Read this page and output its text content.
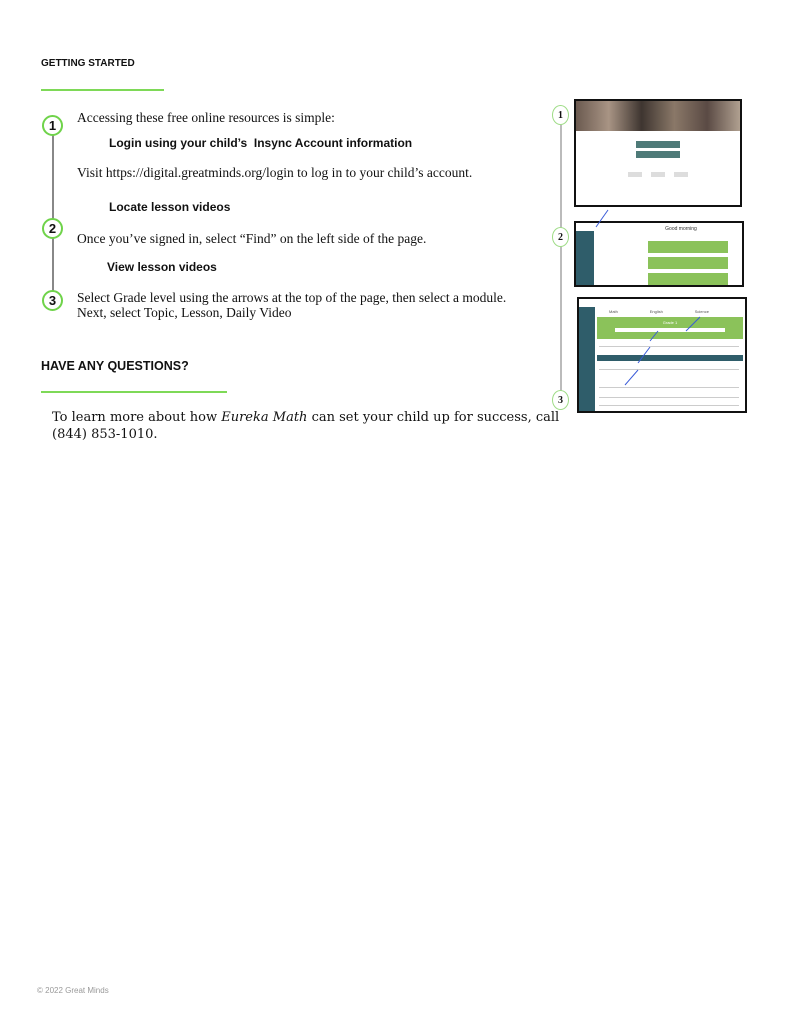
GETTING STARTED
1
2
3
Accessing these free online resources is simple:
Login using your child’s  Insync Account information
Visit https://digital.greatminds.org/login to log in to your child’s account.
Locate lesson videos
Once you’ve signed in, select “Find” on the left side of the page.
View lesson videos
Select Grade level using the arrows at the top of the page, then select a module.
Next, select Topic, Lesson, Daily Video
1
2
3
Good morning
Math	English	Science
Grade 1
HAVE ANY QUESTIONS?
To learn more about how Eureka Math can set your child up for success, call
(844) 853-1010.
© 2022 Great Minds
